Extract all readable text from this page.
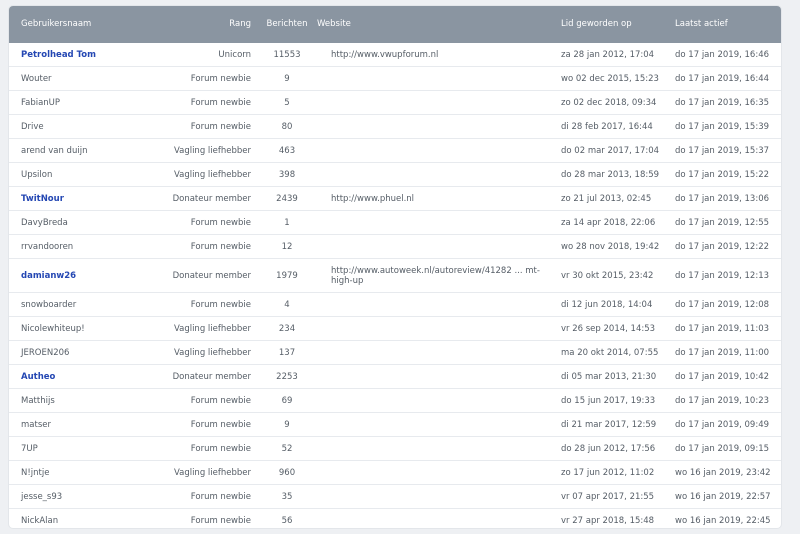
Gebruikersnaam	Rang	Berichten	Website	Lid geworden op	Laatst actief
Petrolhead Tom	Unicorn	11553	http://www.vwupforum.nl	za 28 jan 2012, 17:04	do 17 jan 2019, 16:46
Wouter	Forum newbie	9		wo 02 dec 2015, 15:23	do 17 jan 2019, 16:44
FabianUP	Forum newbie	5		zo 02 dec 2018, 09:34	do 17 jan 2019, 16:35
Drive	Forum newbie	80		di 28 feb 2017, 16:44	do 17 jan 2019, 15:39
arend van duijn	Vagling liefhebber	463		do 02 mar 2017, 17:04	do 17 jan 2019, 15:37
Upsilon	Vagling liefhebber	398		do 28 mar 2013, 18:59	do 17 jan 2019, 15:22
TwitNour	Donateur member	2439	http://www.phuel.nl	zo 21 jul 2013, 02:45	do 17 jan 2019, 13:06
DavyBreda	Forum newbie	1		za 14 apr 2018, 22:06	do 17 jan 2019, 12:55
rrvandooren	Forum newbie	12		wo 28 nov 2018, 19:42	do 17 jan 2019, 12:22
damianw26	Donateur member	1979	http://www.autoweek.nl/autoreview/41282 ... mt-high-up	vr 30 okt 2015, 23:42	do 17 jan 2019, 12:13
snowboarder	Forum newbie	4		di 12 jun 2018, 14:04	do 17 jan 2019, 12:08
Nicolewhiteup!	Vagling liefhebber	234		vr 26 sep 2014, 14:53	do 17 jan 2019, 11:03
JEROEN206	Vagling liefhebber	137		ma 20 okt 2014, 07:55	do 17 jan 2019, 11:00
Autheo	Donateur member	2253		di 05 mar 2013, 21:30	do 17 jan 2019, 10:42
Matthijs	Forum newbie	69		do 15 jun 2017, 19:33	do 17 jan 2019, 10:23
matser	Forum newbie	9		di 21 mar 2017, 12:59	do 17 jan 2019, 09:49
7UP	Forum newbie	52		do 28 jun 2012, 17:56	do 17 jan 2019, 09:15
N!jntje	Vagling liefhebber	960		zo 17 jun 2012, 11:02	wo 16 jan 2019, 23:42
jesse_s93	Forum newbie	35		vr 07 apr 2017, 21:55	wo 16 jan 2019, 22:57
NickAlan	Forum newbie	56		vr 27 apr 2018, 15:48	wo 16 jan 2019, 22:45
